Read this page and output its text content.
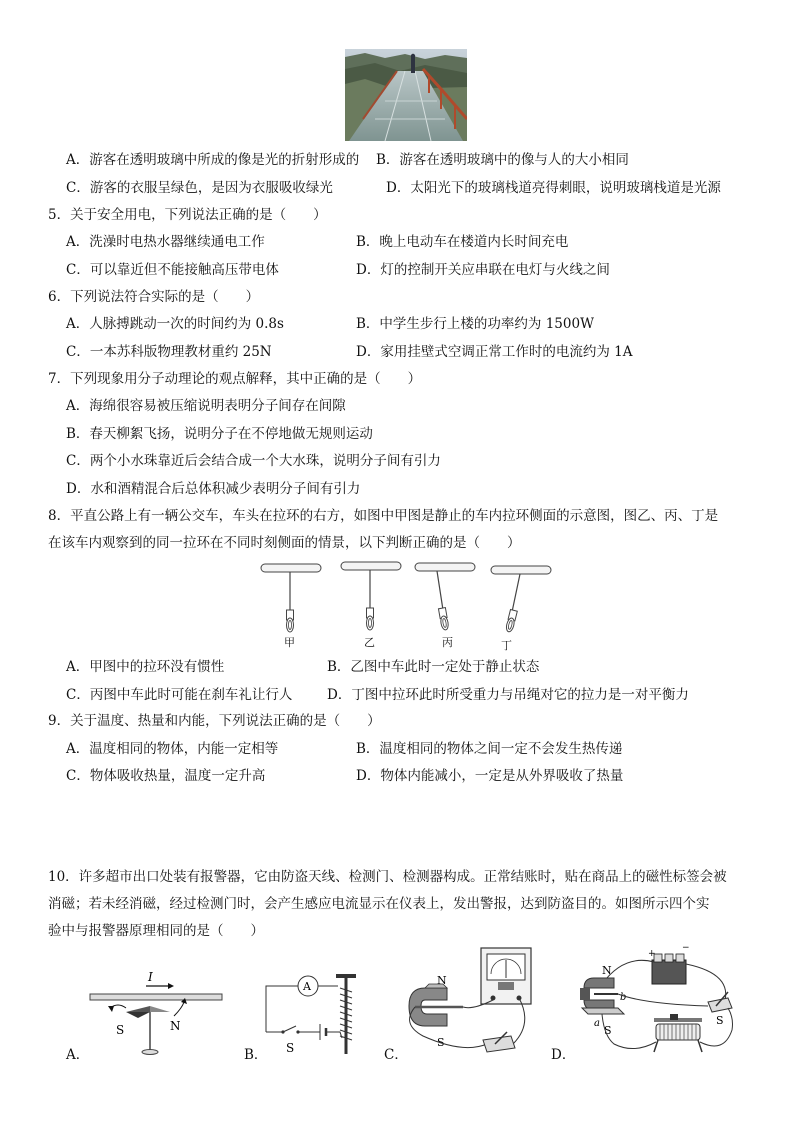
A．游客在透明玻璃中所成的像是光的折射形成的 B．游客在透明玻璃中的像与人的大小相同
C．游客的衣服呈绿色，是因为衣服吸收绿光	D．太阳光下的玻璃栈道亮得刺眼，说明玻璃栈道是光源
5．关于安全用电，下列说法正确的是（　　）
A．洗澡时电热水器继续通电工作	B．晚上电动车在楼道内长时间充电
C．可以靠近但不能接触高压带电体	D．灯的控制开关应串联在电灯与火线之间
6．下列说法符合实际的是（　　）
A．人脉搏跳动一次的时间约为 0.8s	B．中学生步行上楼的功率约为 1500W
C．一本苏科版物理教材重约 25N	D．家用挂壁式空调正常工作时的电流约为 1A
7．下列现象用分子动理论的观点解释，其中正确的是（　　）
A．海绵很容易被压缩说明表明分子间存在间隙
B．春天柳絮飞扬，说明分子在不停地做无规则运动
C．两个小水珠靠近后会结合成一个大水珠，说明分子间有引力
D．水和酒精混合后总体积减少表明分子间有引力
8．平直公路上有一辆公交车，车头在拉环的右方，如图中甲图是静止的车内拉环侧面的示意图，图乙、丙、丁是
在该车内观察到的同一拉环在不同时刻侧面的情景，以下判断正确的是（　　）
甲	乙	丙	丁
A．甲图中的拉环没有惯性	B．乙图中车此时一定处于静止状态
C．丙图中车此时可能在刹车礼让行人	D．丁图中拉环此时所受重力与吊绳对它的拉力是一对平衡力
9．关于温度、热量和内能，下列说法正确的是（　　）
A．温度相同的物体，内能一定相等	B．温度相同的物体之间一定不会发生热传递
C．物体吸收热量，温度一定升高	D．物体内能减小，一定是从外界吸收了热量
10．许多超市出口处装有报警器，它由防盗天线、检测门、检测器构成。正常结账时，贴在商品上的磁性标签会被
消磁；若未经消磁，经过检测门时，会产生感应电流显示在仪表上，发出警报，达到防盗目的。如图所示四个实
验中与报警器原理相同的是（　　）
A．	B．	C．	D．
I
S	N
A
S
N
S
+
−
S
N
S
b
a
